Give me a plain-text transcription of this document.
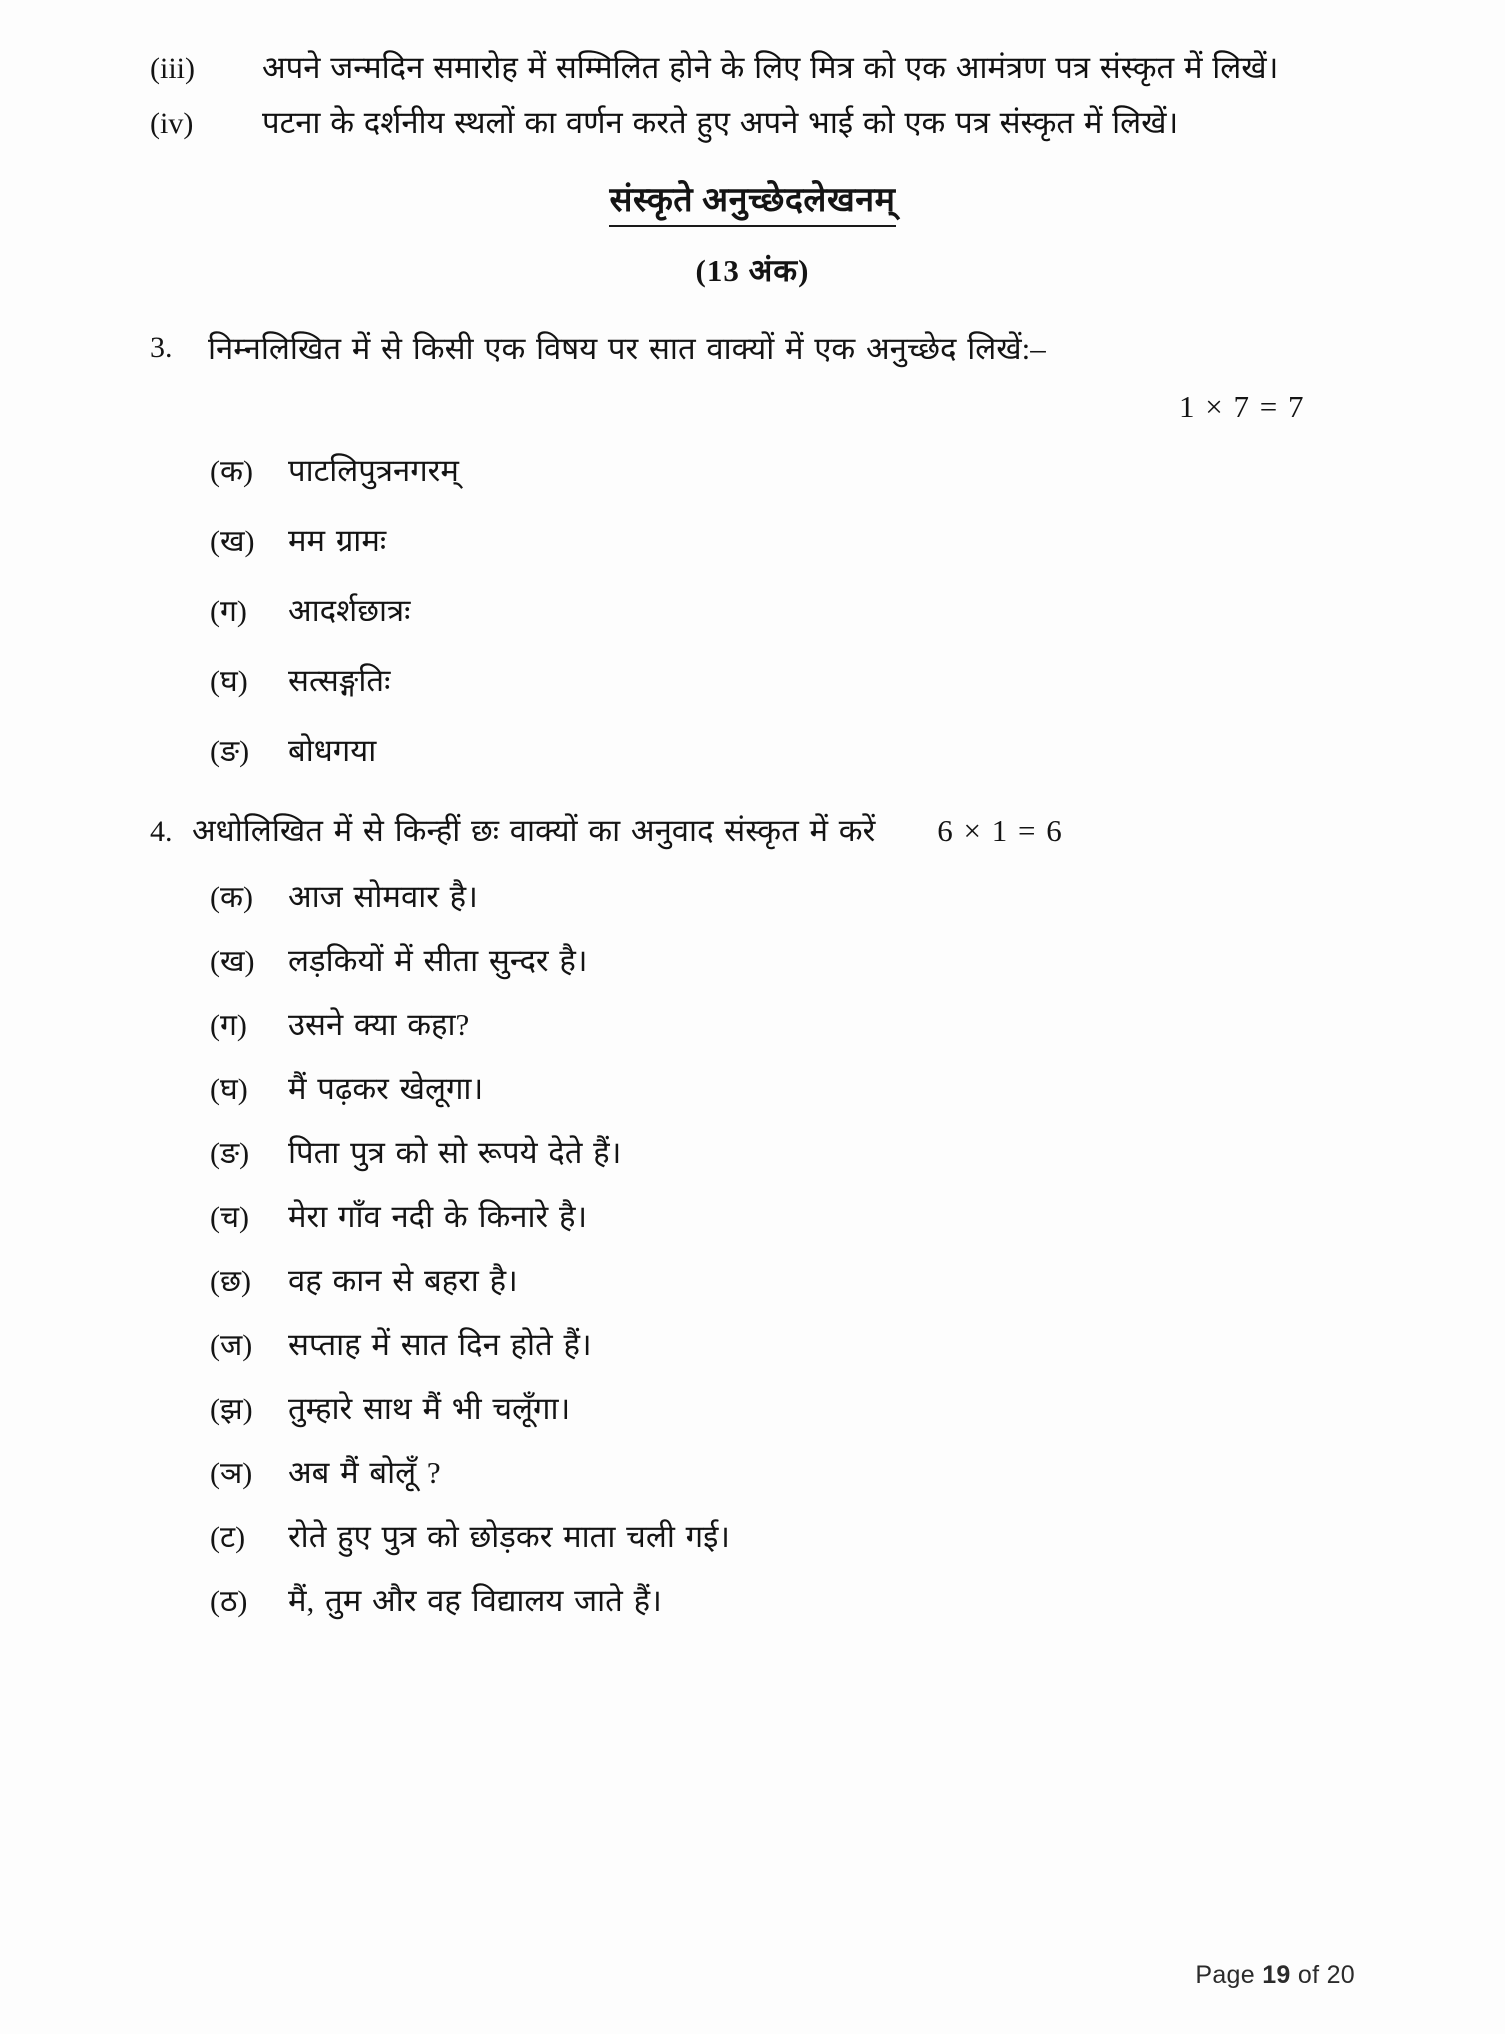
(iii)	अपने जन्मदिन समारोह में सम्मिलित होने के लिए मित्र को एक आमंत्रण पत्र संस्कृत में लिखें।
(iv)	पटना के दर्शनीय स्थलों का वर्णन करते हुए अपने भाई को एक पत्र संस्कृत में लिखें।
संस्कृते अनुच्छेदलेखनम्
(13 अंक)
3.	निम्नलिखित में से किसी एक विषय पर सात वाक्यों में एक अनुच्छेद लिखें:–
1 × 7 = 7
(क)	पाटलिपुत्रनगरम्
(ख)	मम ग्रामः
(ग)	आदर्शछात्रः
(घ)	सत्सङ्गतिः
(ङ)	बोधगया
4. अधोलिखित में से किन्हीं छः वाक्यों का अनुवाद संस्कृत में करें 6 × 1 = 6
(क)	आज सोमवार है।
(ख)	लड़कियों में सीता सुन्दर है।
(ग)	उसने क्या कहा?
(घ)	मैं पढ़कर खेलूगा।
(ङ)	पिता पुत्र को सो रूपये देते हैं।
(च)	मेरा गाँव नदी के किनारे है।
(छ)	वह कान से बहरा है।
(ज)	सप्ताह में सात दिन होते हैं।
(झ)	तुम्हारे साथ मैं भी चलूँगा।
(ञ)	अब मैं बोलूँ ?
(ट)	रोते हुए पुत्र को छोड़कर माता चली गई।
(ठ)	मैं, तुम और वह विद्यालय जाते हैं।
Page 19 of 20
